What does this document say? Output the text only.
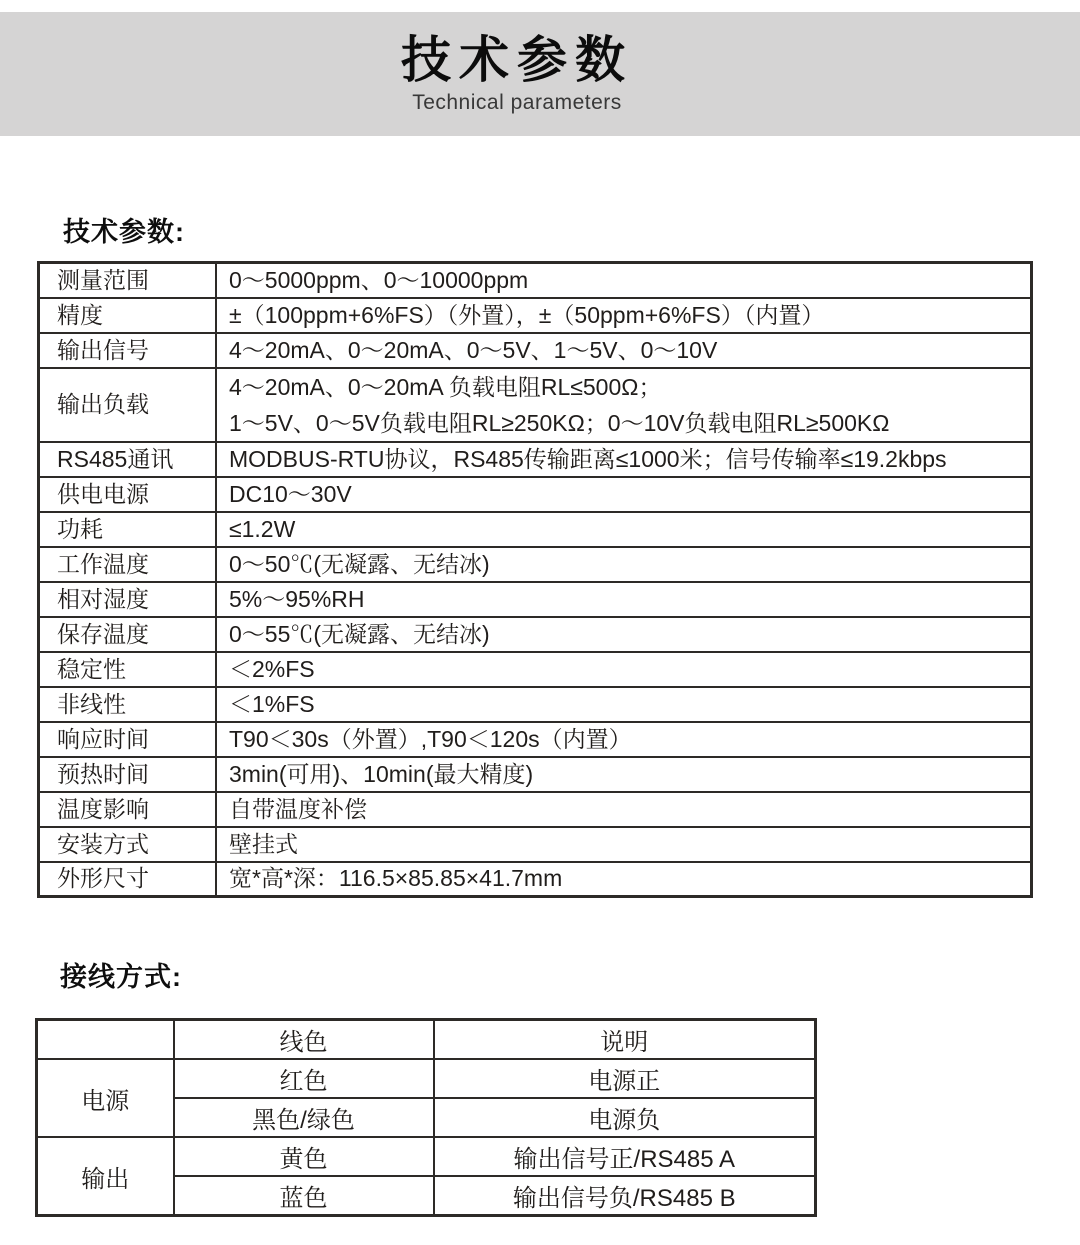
技术参数
Technical parameters
技术参数:
测量范围	0～5000ppm、0～10000ppm
精度	±（100ppm+6%FS）（外置），±（50ppm+6%FS）（内置）
输出信号	4～20mA、0～20mA、0～5V、1～5V、0～10V
输出负载	4～20mA、0～20mA 负载电阻RL≤500Ω；
1～5V、0～5V负载电阻RL≥250KΩ；0～10V负载电阻RL≥500KΩ

RS485通讯	MODBUS-RTU协议，RS485传输距离≤1000米；信号传输率≤19.2kbps
供电电源	DC10～30V
功耗	≤1.2W
工作温度	0～50℃(无凝露、无结冰)
相对湿度	5%～95%RH
保存温度	0～55℃(无凝露、无结冰)
稳定性	＜2%FS
非线性	＜1%FS
响应时间	T90＜30s（外置）,T90＜120s（内置）
预热时间	3min(可用)、10min(最大精度)
温度影响	自带温度补偿
安装方式	壁挂式
外形尺寸	宽*高*深：116.5×85.85×41.7mm
接线方式:
	线色	说明
电源	红色	电源正
	黑色/绿色	电源负
输出	黄色	输出信号正/RS485 A
	蓝色	输出信号负/RS485 B
